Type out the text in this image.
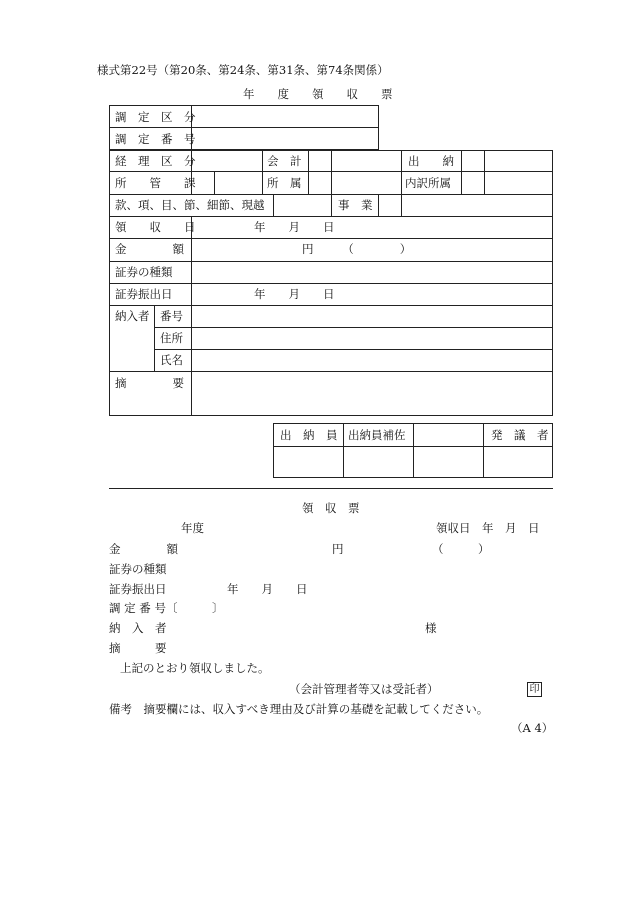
様式第22号（第20条、第24条、第31条、第74条関係）
年　　度　　領　　収　　票
調　定　区　分
調　定　番　号
経　理　区　分	会　計	出　　納
所　　管　　課	所　属	内訳所属
款、項、目、節、細節、現越	事　業
領　　収　　日	年　　月　　日
金　　　　額	円　　　（　　　　）
証券の種類
証券振出日	年　　月　　日
納入者 番号
住所
氏名
摘　　　　要
出　納　員 出納員補佐	発　議　者
領　収　票
年度	領収日　年　月　日
金　　　　額	円	（　　　）
証券の種類
証券振出日	年　　月　　日
調 定 番 号〔　　　〕
納　入　者	様
摘　　　要
上記のとおり領収しました。
（会計管理者等又は受託者）	印
備考　摘要欄には、収入すべき理由及び計算の基礎を記載してください。
（A 4）
